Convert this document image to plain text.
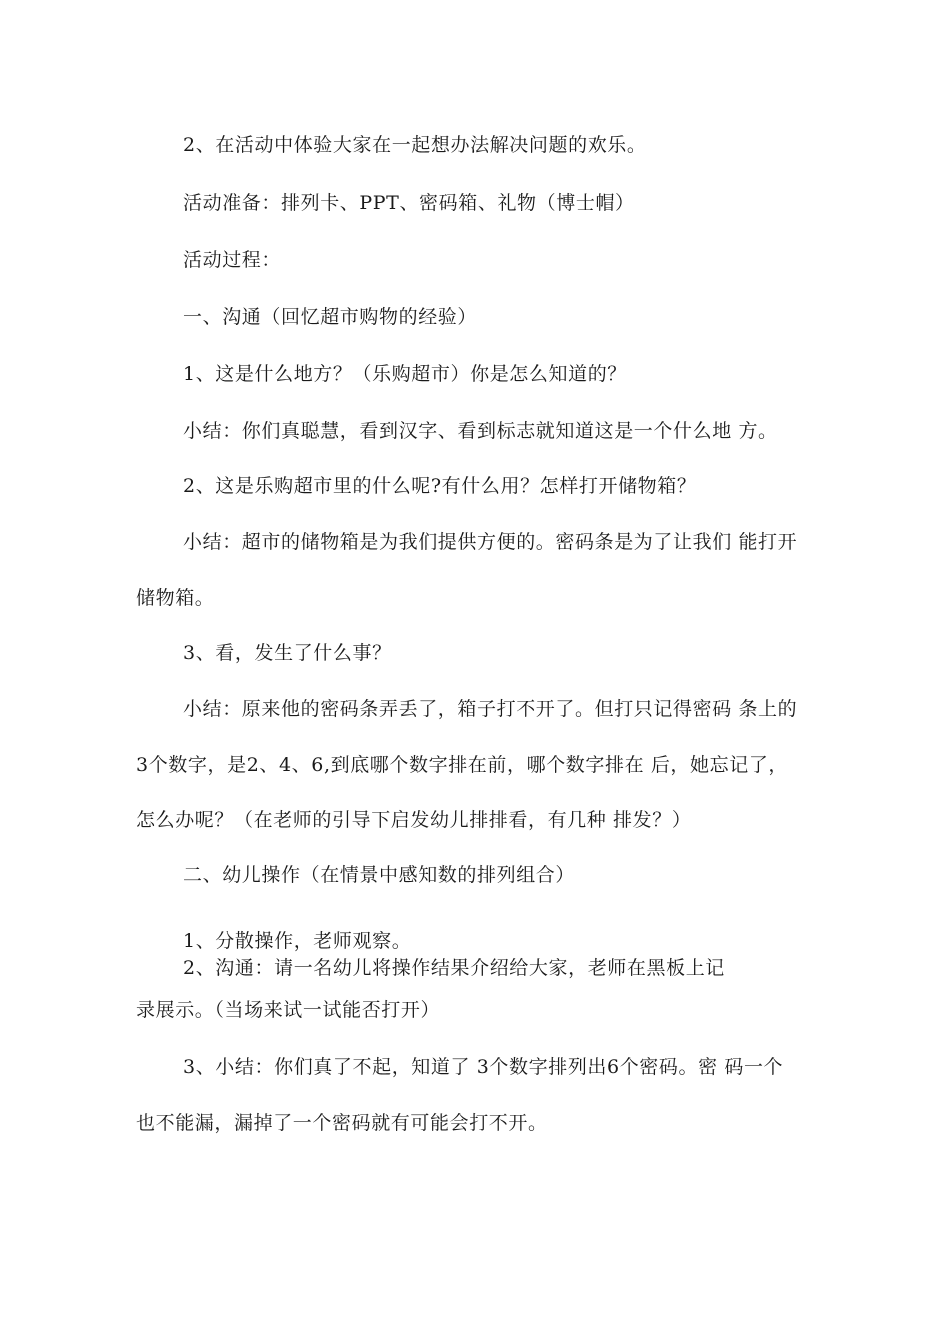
2、在活动中体验大家在一起想办法解决问题的欢乐。
活动准备：排列卡、PPT、密码箱、礼物（博士帽）
活动过程：
一、沟通（回忆超市购物的经验）
1、这是什么地方？（乐购超市）你是怎么知道的？
小结：你们真聪慧，看到汉字、看到标志就知道这是一个什么地 方。
2、这是乐购超市里的什么呢?有什么用？怎样打开储物箱？
小结：超市的储物箱是为我们提供方便的。密码条是为了让我们 能打开
储物箱。
3、看，发生了什么事？
小结：原来他的密码条弄丢了，箱子打不开了。但打只记得密码 条上的
3个数字，是2、4、6,到底哪个数字排在前，哪个数字排在 后，她忘记了，
怎么办呢？（在老师的引导下启发幼儿排排看，有几种 排发？）
二、幼儿操作（在情景中感知数的排列组合）
1、分散操作，老师观察。
2、沟通：请一名幼儿将操作结果介绍给大家，老师在黑板上记
录展示。（当场来试一试能否打开）
3、小结：你们真了不起，知道了 3个数字排列出6个密码。密 码一个
也不能漏，漏掉了一个密码就有可能会打不开。
